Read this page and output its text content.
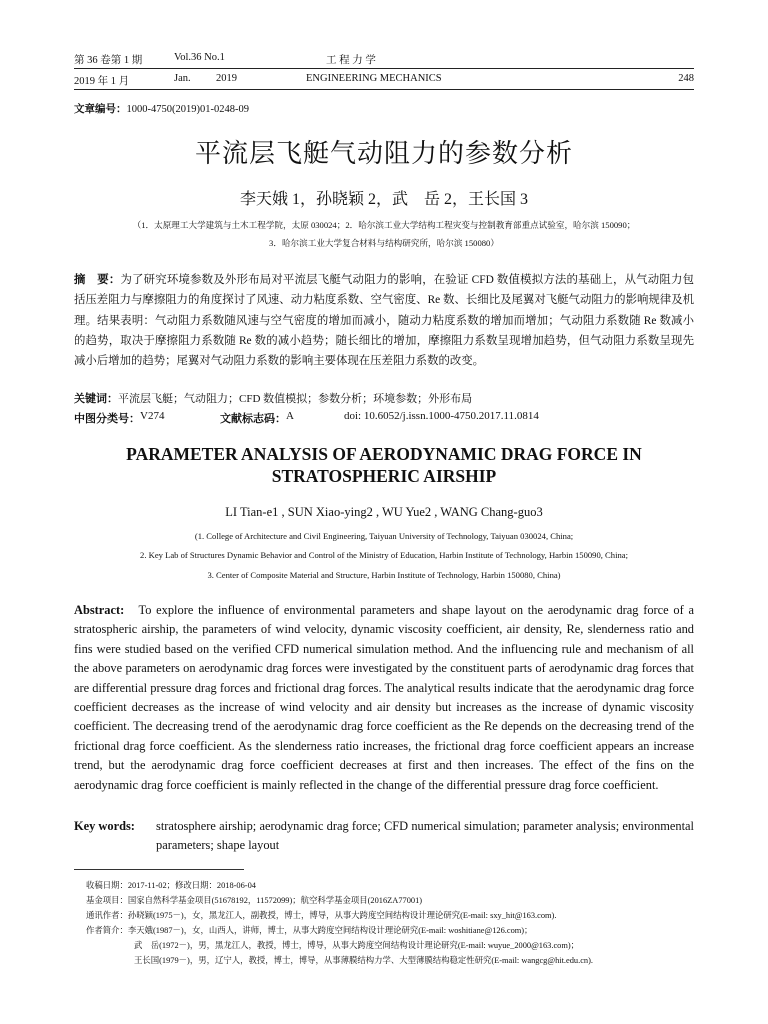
第 36 卷第 1 期	Vol.36 No.1	工 程 力 学
2019 年 1 月	Jan. 2019	ENGINEERING MECHANICS	248
文章编号：1000-4750(2019)01-0248-09
平流层飞艇气动阻力的参数分析
李天娥 1，孙晓颖 2，武　岳 2，王长国 3
（1．太原理工大学建筑与土木工程学院，太原 030024；2．哈尔滨工业大学结构工程灾变与控制教育部重点试验室，哈尔滨 150090；
3．哈尔滨工业大学复合材料与结构研究所，哈尔滨 150080）
摘　要：为了研究环境参数及外形布局对平流层飞艇气动阻力的影响，在验证 CFD 数值模拟方法的基础上，从气动阻力包括压差阻力与摩擦阻力的角度探讨了风速、动力粘度系数、空气密度、Re 数、长细比及尾翼对飞艇气动阻力的影响规律及机理。结果表明：气动阻力系数随风速与空气密度的增加而减小，随动力粘度系数的增加而增加；气动阻力系数随 Re 数减小的趋势，取决于摩擦阻力系数随 Re 数的减小趋势；随长细比的增加，摩擦阻力系数呈现增加趋势，但气动阻力系数呈现先减小后增加的趋势；尾翼对气动阻力系数的影响主要体现在压差阻力系数的改变。
关键词：平流层飞艇；气动阻力；CFD 数值模拟；参数分析；环境参数；外形布局
中图分类号： V274	文献标志码： A	doi: 10.6052/j.issn.1000-4750.2017.11.0814
PARAMETER ANALYSIS OF AERODYNAMIC DRAG FORCE IN
STRATOSPHERIC AIRSHIP
LI Tian-e1 , SUN Xiao-ying2 , WU Yue2 , WANG Chang-guo3
(1. College of Architecture and Civil Engineering, Taiyuan University of Technology, Taiyuan 030024, China;
2. Key Lab of Structures Dynamic Behavior and Control of the Ministry of Education, Harbin Institute of Technology, Harbin 150090, China;
3. Center of Composite Material and Structure, Harbin Institute of Technology, Harbin 150080, China)
Abstract: To explore the influence of environmental parameters and shape layout on the aerodynamic drag force of a stratospheric airship, the parameters of wind velocity, dynamic viscosity coefficient, air density, Re, slenderness ratio and fins were studied based on the verified CFD numerical simulation method. And the influencing rule and mechanism of all the above parameters on aerodynamic drag forces were investigated by the constituent parts of aerodynamic drag forces that are differential pressure drag forces and frictional drag forces. The analytical results indicate that the aerodynamic drag force coefficient decreases as the increase of wind velocity and air density but increases as the increase of dynamic viscosity coefficient. The decreasing trend of the aerodynamic drag force coefficient as the Re depends on the decreasing trend of the frictional drag force coefficient. As the slenderness ratio increases, the frictional drag force coefficient appears an increase trend, but the aerodynamic drag force coefficient decreases at first and then increases. The effect of the fins on the aerodynamic drag force coefficient is mainly reflected in the change of the differential pressure drag force coefficient.
Key words: stratosphere airship; aerodynamic drag force; CFD numerical simulation; parameter analysis; environmental parameters; shape layout
收稿日期：2017-11-02；修改日期：2018-06-04
基金项目：国家自然科学基金项目(51678192，11572099)；航空科学基金项目(2016ZA77001)
通讯作者：孙晓颖(1975－)，女，黑龙江人，副教授，博士，博导，从事大跨度空间结构设计理论研究(E-mail: sxy_hit@163.com).
作者简介：李天娥(1987－)，女，山西人，讲师，博士，从事大跨度空间结构设计理论研究(E-mail: woshitiane@126.com)；
武　岳(1972－)，男，黑龙江人，教授，博士，博导，从事大跨度空间结构设计理论研究(E-mail: wuyue_2000@163.com)；
王长国(1979－)，男，辽宁人，教授，博士，博导，从事薄膜结构力学、大型薄膜结构稳定性研究(E-mail: wangcg@hit.edu.cn).
